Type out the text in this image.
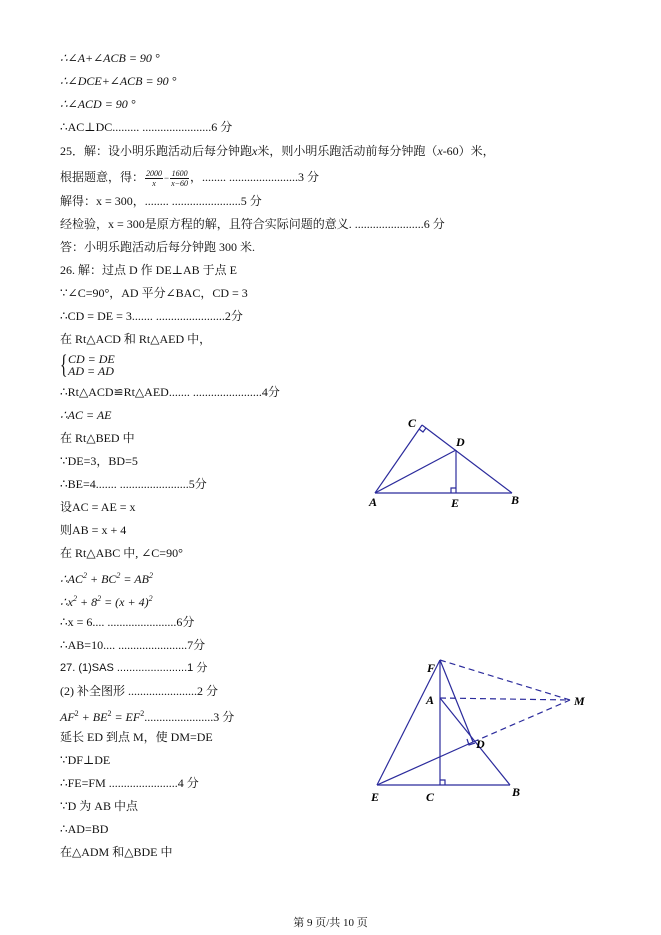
∴∠A+∠ACB = 90 °
∴∠DCE+∠ACB = 90 °
∴∠ACD = 90 °
∴AC⊥DC......... .......................6 分
25．解：设小明乐跑活动后每分钟跑x米，则小明乐跑活动前每分钟跑（x-60）米，
根据题意，得： $\frac{2000}{x} - \frac{1600}{x-60}$ ，........ .......................3 分
解得：x = 300，........ .......................5 分
经检验，x = 300是原方程的解，且符合实际问题的意义. .......................6 分
答：小明乐跑活动后每分钟跑 300 米.
26. 解：过点 D 作 DE⊥AB 于点 E
∵∠C=90°，AD 平分∠BAC，CD = 3
∴CD = DE = 3....... .......................2分
在 Rt△ACD 和 Rt△AED 中，
{ CD = DE
AD = AD
∴Rt△ACD≌Rt△AED....... .......................4分
∴AC = AE
在 Rt△BED 中
∵DE=3，BD=5
∴BE=4....... .......................5分
设AC = AE = x
则AB = x + 4
在 Rt△ABC 中, ∠C=90°
$\therefore AC^2 + BC^2 = AB^2$
$\therefore x^2 + 8^2 = (x + 4)^2$
∴x = 6.... .......................6分
∴AB=10.... .......................7分
27. (1)SAS .......................1 分
(2) 补全图形 .......................2 分
$AF^2 + BE^2 = EF^2.......................3$ 分
延长 ED 到点 M，使 DM=DE
∵DF⊥DE
∴FE=FM .......................4 分
∵D 为 AB 中点
∴AD=BD
在△ADM 和△BDE 中
C
D
A	E	B
F
A	M
D
E	C	B
第 9 页/共 10 页
